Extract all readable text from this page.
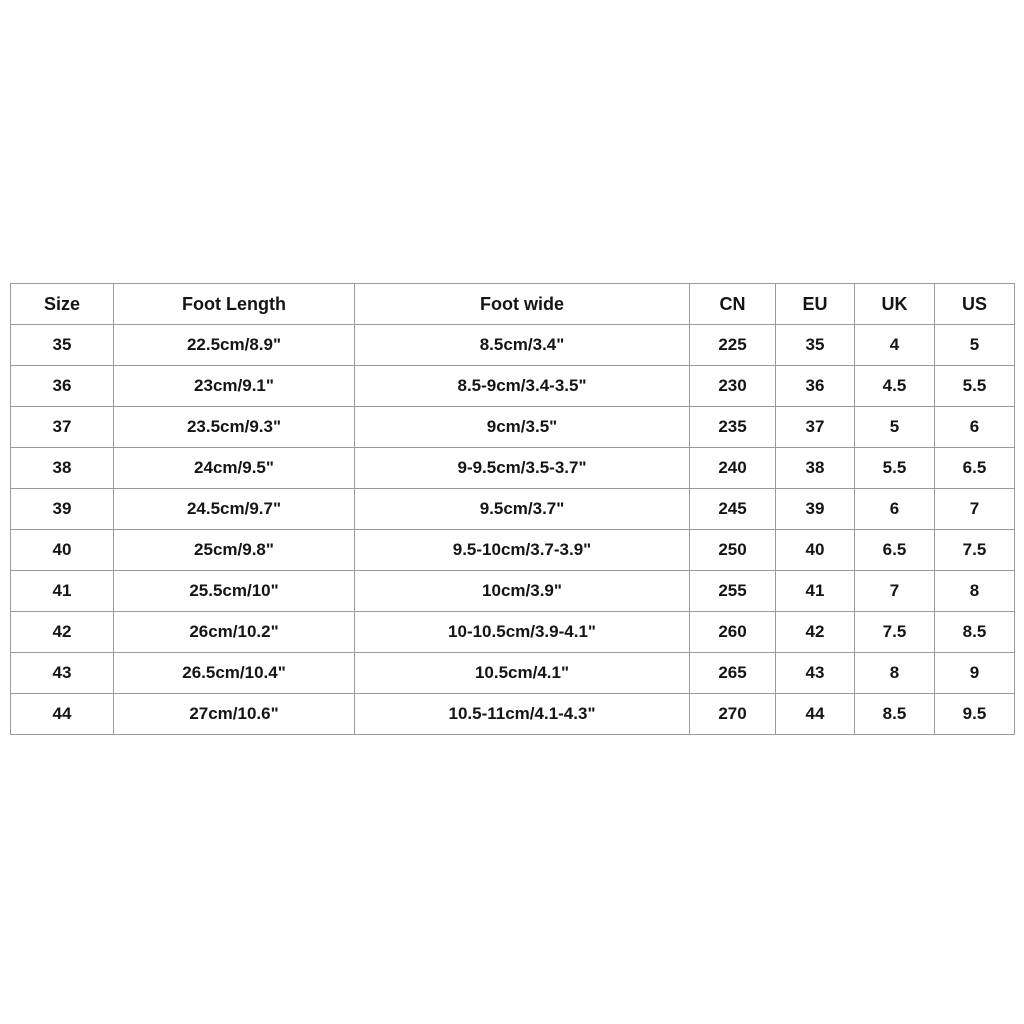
Size	Foot Length	Foot wide	CN	EU	UK	US
35	22.5cm/8.9"	8.5cm/3.4"	225	35	4	5
36	23cm/9.1"	8.5-9cm/3.4-3.5"	230	36	4.5	5.5
37	23.5cm/9.3"	9cm/3.5"	235	37	5	6
38	24cm/9.5"	9-9.5cm/3.5-3.7"	240	38	5.5	6.5
39	24.5cm/9.7"	9.5cm/3.7"	245	39	6	7
40	25cm/9.8"	9.5-10cm/3.7-3.9"	250	40	6.5	7.5
41	25.5cm/10"	10cm/3.9"	255	41	7	8
42	26cm/10.2"	10-10.5cm/3.9-4.1"	260	42	7.5	8.5
43	26.5cm/10.4"	10.5cm/4.1"	265	43	8	9
44	27cm/10.6"	10.5-11cm/4.1-4.3"	270	44	8.5	9.5
